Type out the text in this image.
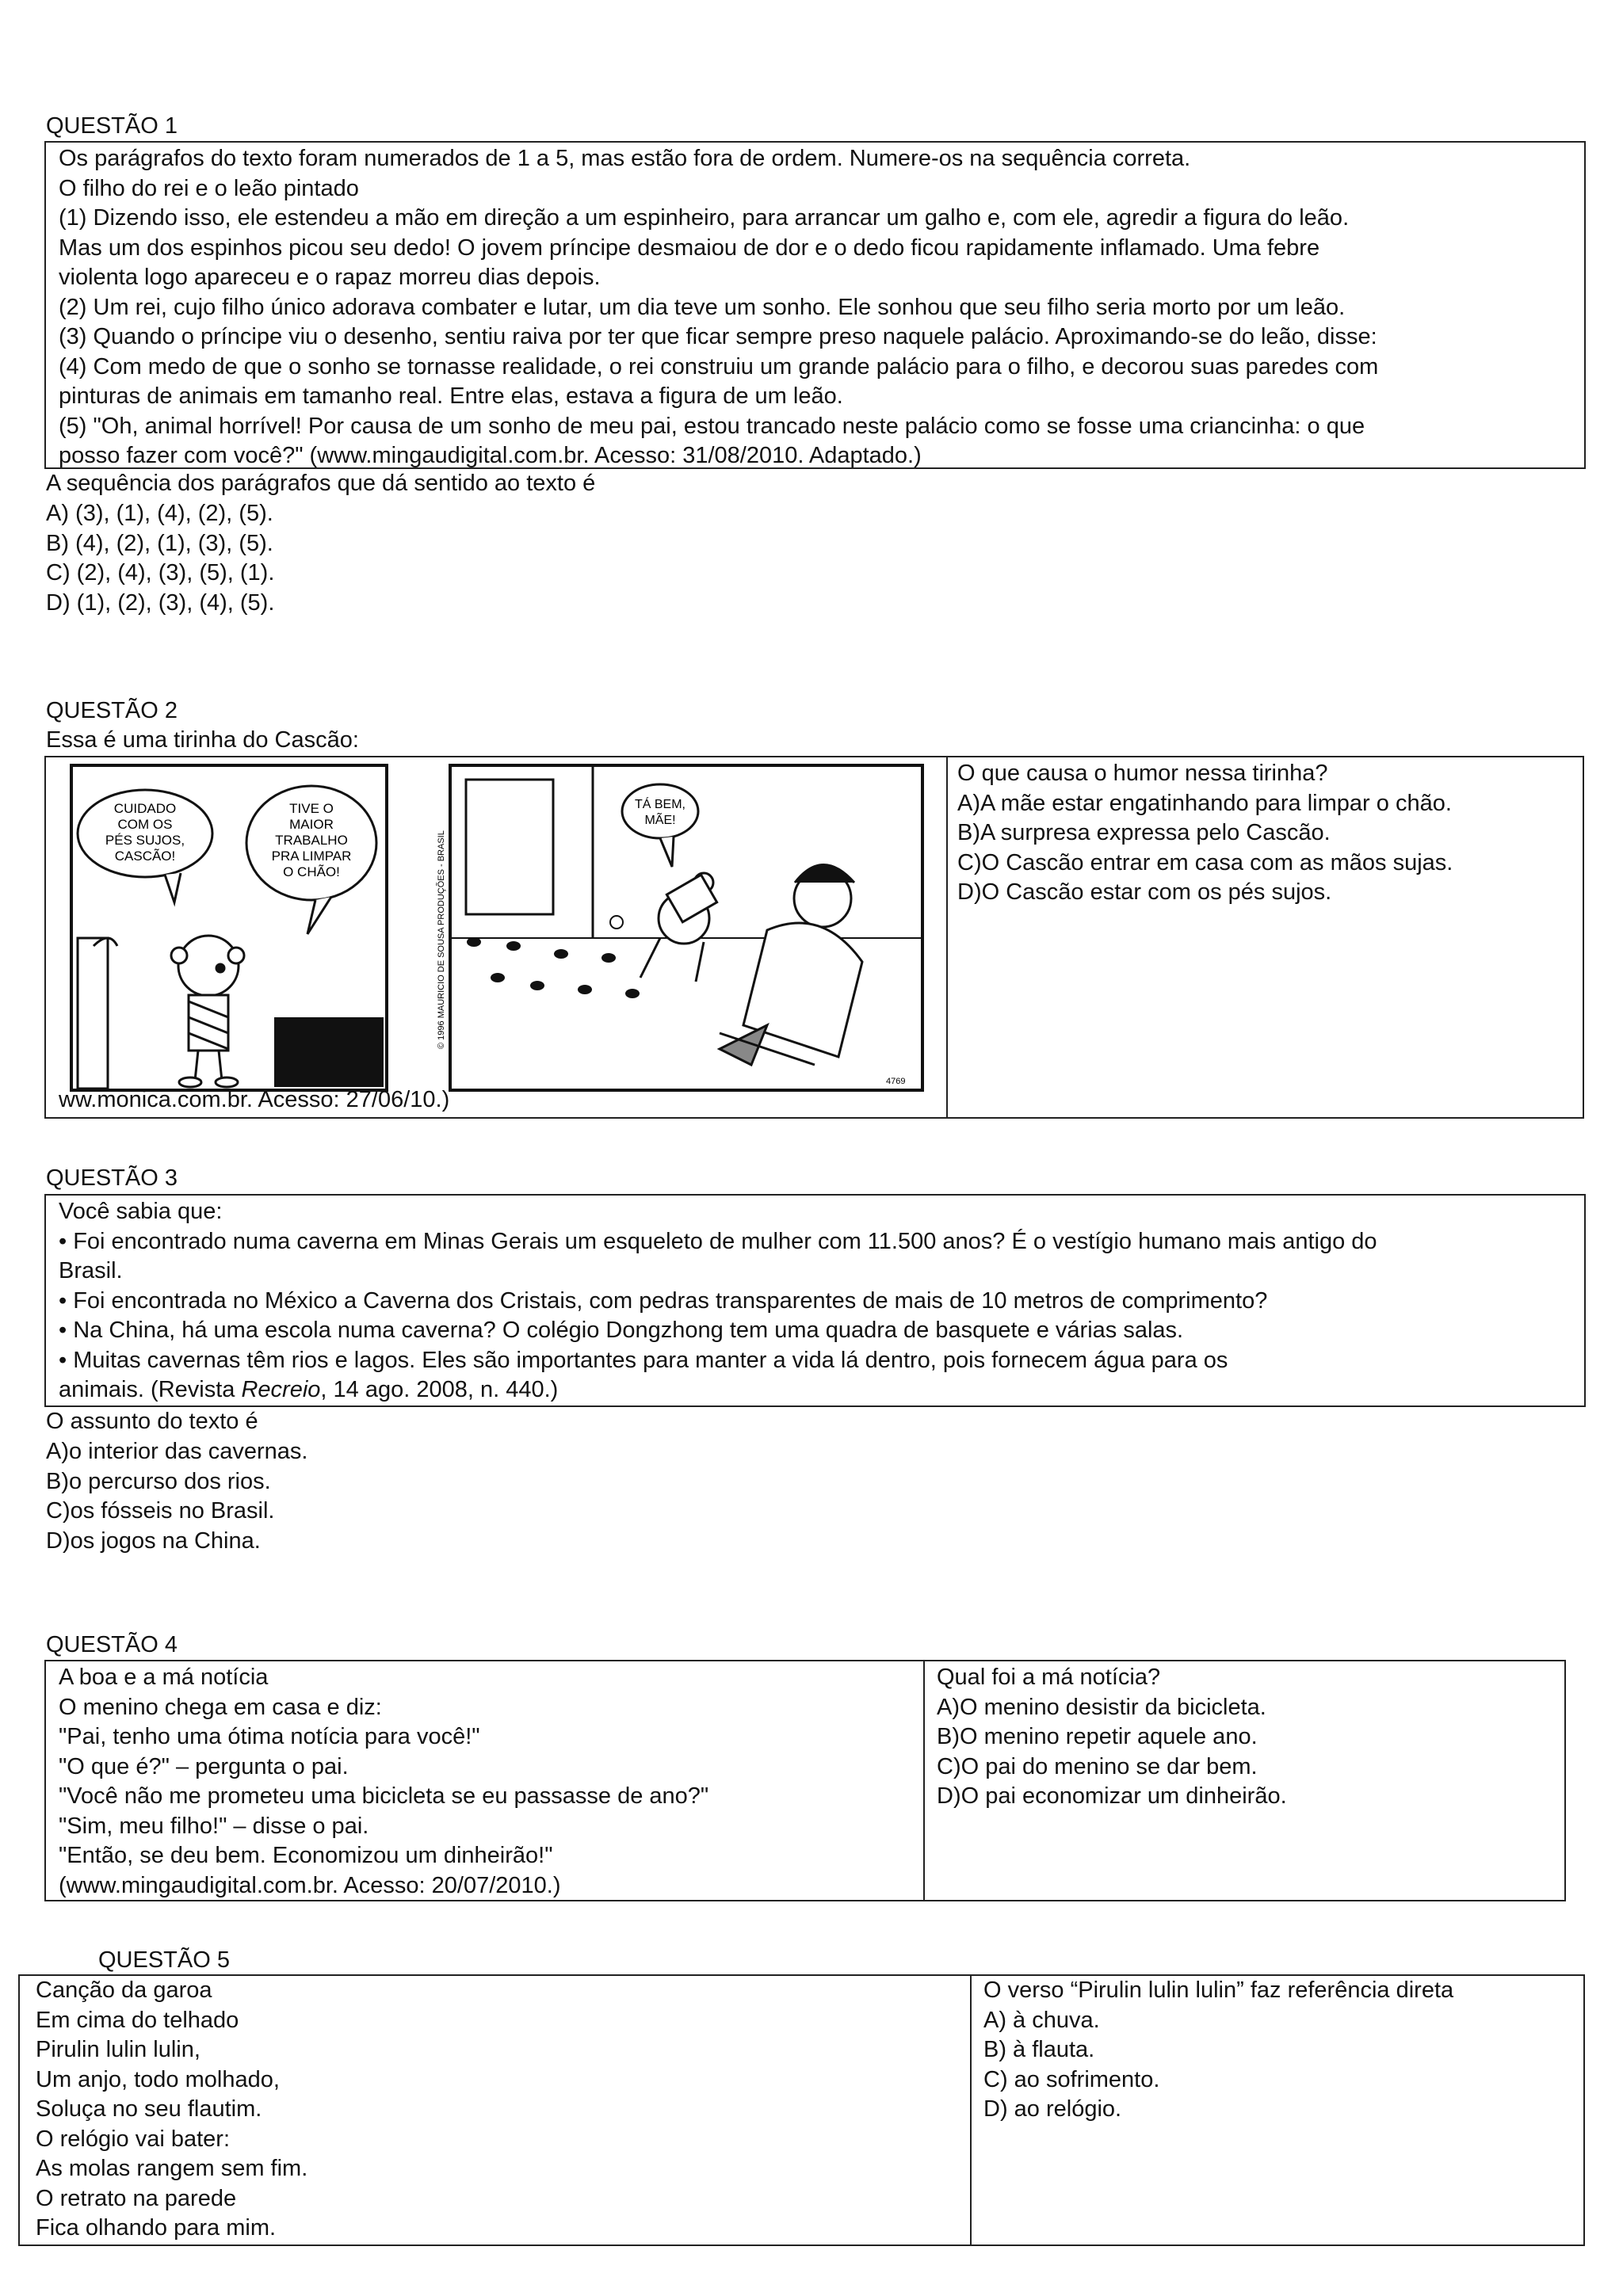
QUESTÃO 1
Os parágrafos do texto foram numerados de 1 a 5, mas estão fora de ordem. Numere-os na sequência correta.
O filho do rei e o leão pintado
(1) Dizendo isso, ele estendeu a mão em direção a um espinheiro, para arrancar um galho e, com ele, agredir a figura do leão.
Mas um dos espinhos picou seu dedo! O jovem príncipe desmaiou de dor e o dedo ficou rapidamente inflamado. Uma febre
violenta logo apareceu e o rapaz morreu dias depois.
(2) Um rei, cujo filho único adorava combater e lutar, um dia teve um sonho. Ele sonhou que seu filho seria morto por um leão.
(3) Quando o príncipe viu o desenho, sentiu raiva por ter que ficar sempre preso naquele palácio. Aproximando-se do leão, disse:
(4) Com medo de que o sonho se tornasse realidade, o rei construiu um grande palácio para o filho, e decorou suas paredes com
pinturas de animais em tamanho real. Entre elas, estava a figura de um leão.
(5) "Oh, animal horrível! Por causa de um sonho de meu pai, estou trancado neste palácio como se fosse uma criancinha: o que
posso fazer com você?" (www.mingaudigital.com.br. Acesso: 31/08/2010. Adaptado.)
A sequência dos parágrafos que dá sentido ao texto é
A) (3), (1), (4), (2), (5).
B) (4), (2), (1), (3), (5).
C) (2), (4), (3), (5), (1).
D) (1), (2), (3), (4), (5).
QUESTÃO 2
Essa é uma tirinha do Cascão:
CUIDADO
COM OS
PÉS SUJOS,
CASCÃO!
TIVE O
MAIOR
TRABALHO
PRA LIMPAR
O CHÃO!	© 1996 MAURICIO DE SOUSA PRODUÇÕES - BRASIL
TÁ BEM,
MÃE!
4769
ww.monica.com.br. Acesso: 27/06/10.)
O que causa o humor nessa tirinha?
A)A mãe estar engatinhando para limpar o chão.
B)A surpresa expressa pelo Cascão.
C)O Cascão entrar em casa com as mãos sujas.
D)O Cascão estar com os pés sujos.
QUESTÃO 3
Você sabia que:
• Foi encontrado numa caverna em Minas Gerais um esqueleto de mulher com 11.500 anos? É o vestígio humano mais antigo do
Brasil.
• Foi encontrada no México a Caverna dos Cristais, com pedras transparentes de mais de 10 metros de comprimento?
• Na China, há uma escola numa caverna? O colégio Dongzhong tem uma quadra de basquete e várias salas.
• Muitas cavernas têm rios e lagos. Eles são importantes para manter a vida lá dentro, pois fornecem água para os
animais. (Revista Recreio, 14 ago. 2008, n. 440.)
O assunto do texto é
A)o interior das cavernas.
B)o percurso dos rios.
C)os fósseis no Brasil.
D)os jogos na China.
QUESTÃO 4
A boa e a má notícia
O menino chega em casa e diz:
"Pai, tenho uma ótima notícia para você!"
"O que é?" – pergunta o pai.
"Você não me prometeu uma bicicleta se eu passasse de ano?"
"Sim, meu filho!" – disse o pai.
"Então, se deu bem. Economizou um dinheirão!"
(www.mingaudigital.com.br. Acesso: 20/07/2010.)
Qual foi a má notícia?
A)O menino desistir da bicicleta.
B)O menino repetir aquele ano.
C)O pai do menino se dar bem.
D)O pai economizar um dinheirão.
QUESTÃO 5
Canção da garoa
Em cima do telhado
Pirulin lulin lulin,
Um anjo, todo molhado,
Soluça no seu flautim.
O relógio vai bater:
As molas rangem sem fim.
O retrato na parede
Fica olhando para mim.
O verso “Pirulin lulin lulin” faz referência direta
A) à chuva.
B) à flauta.
C) ao sofrimento.
D) ao relógio.
